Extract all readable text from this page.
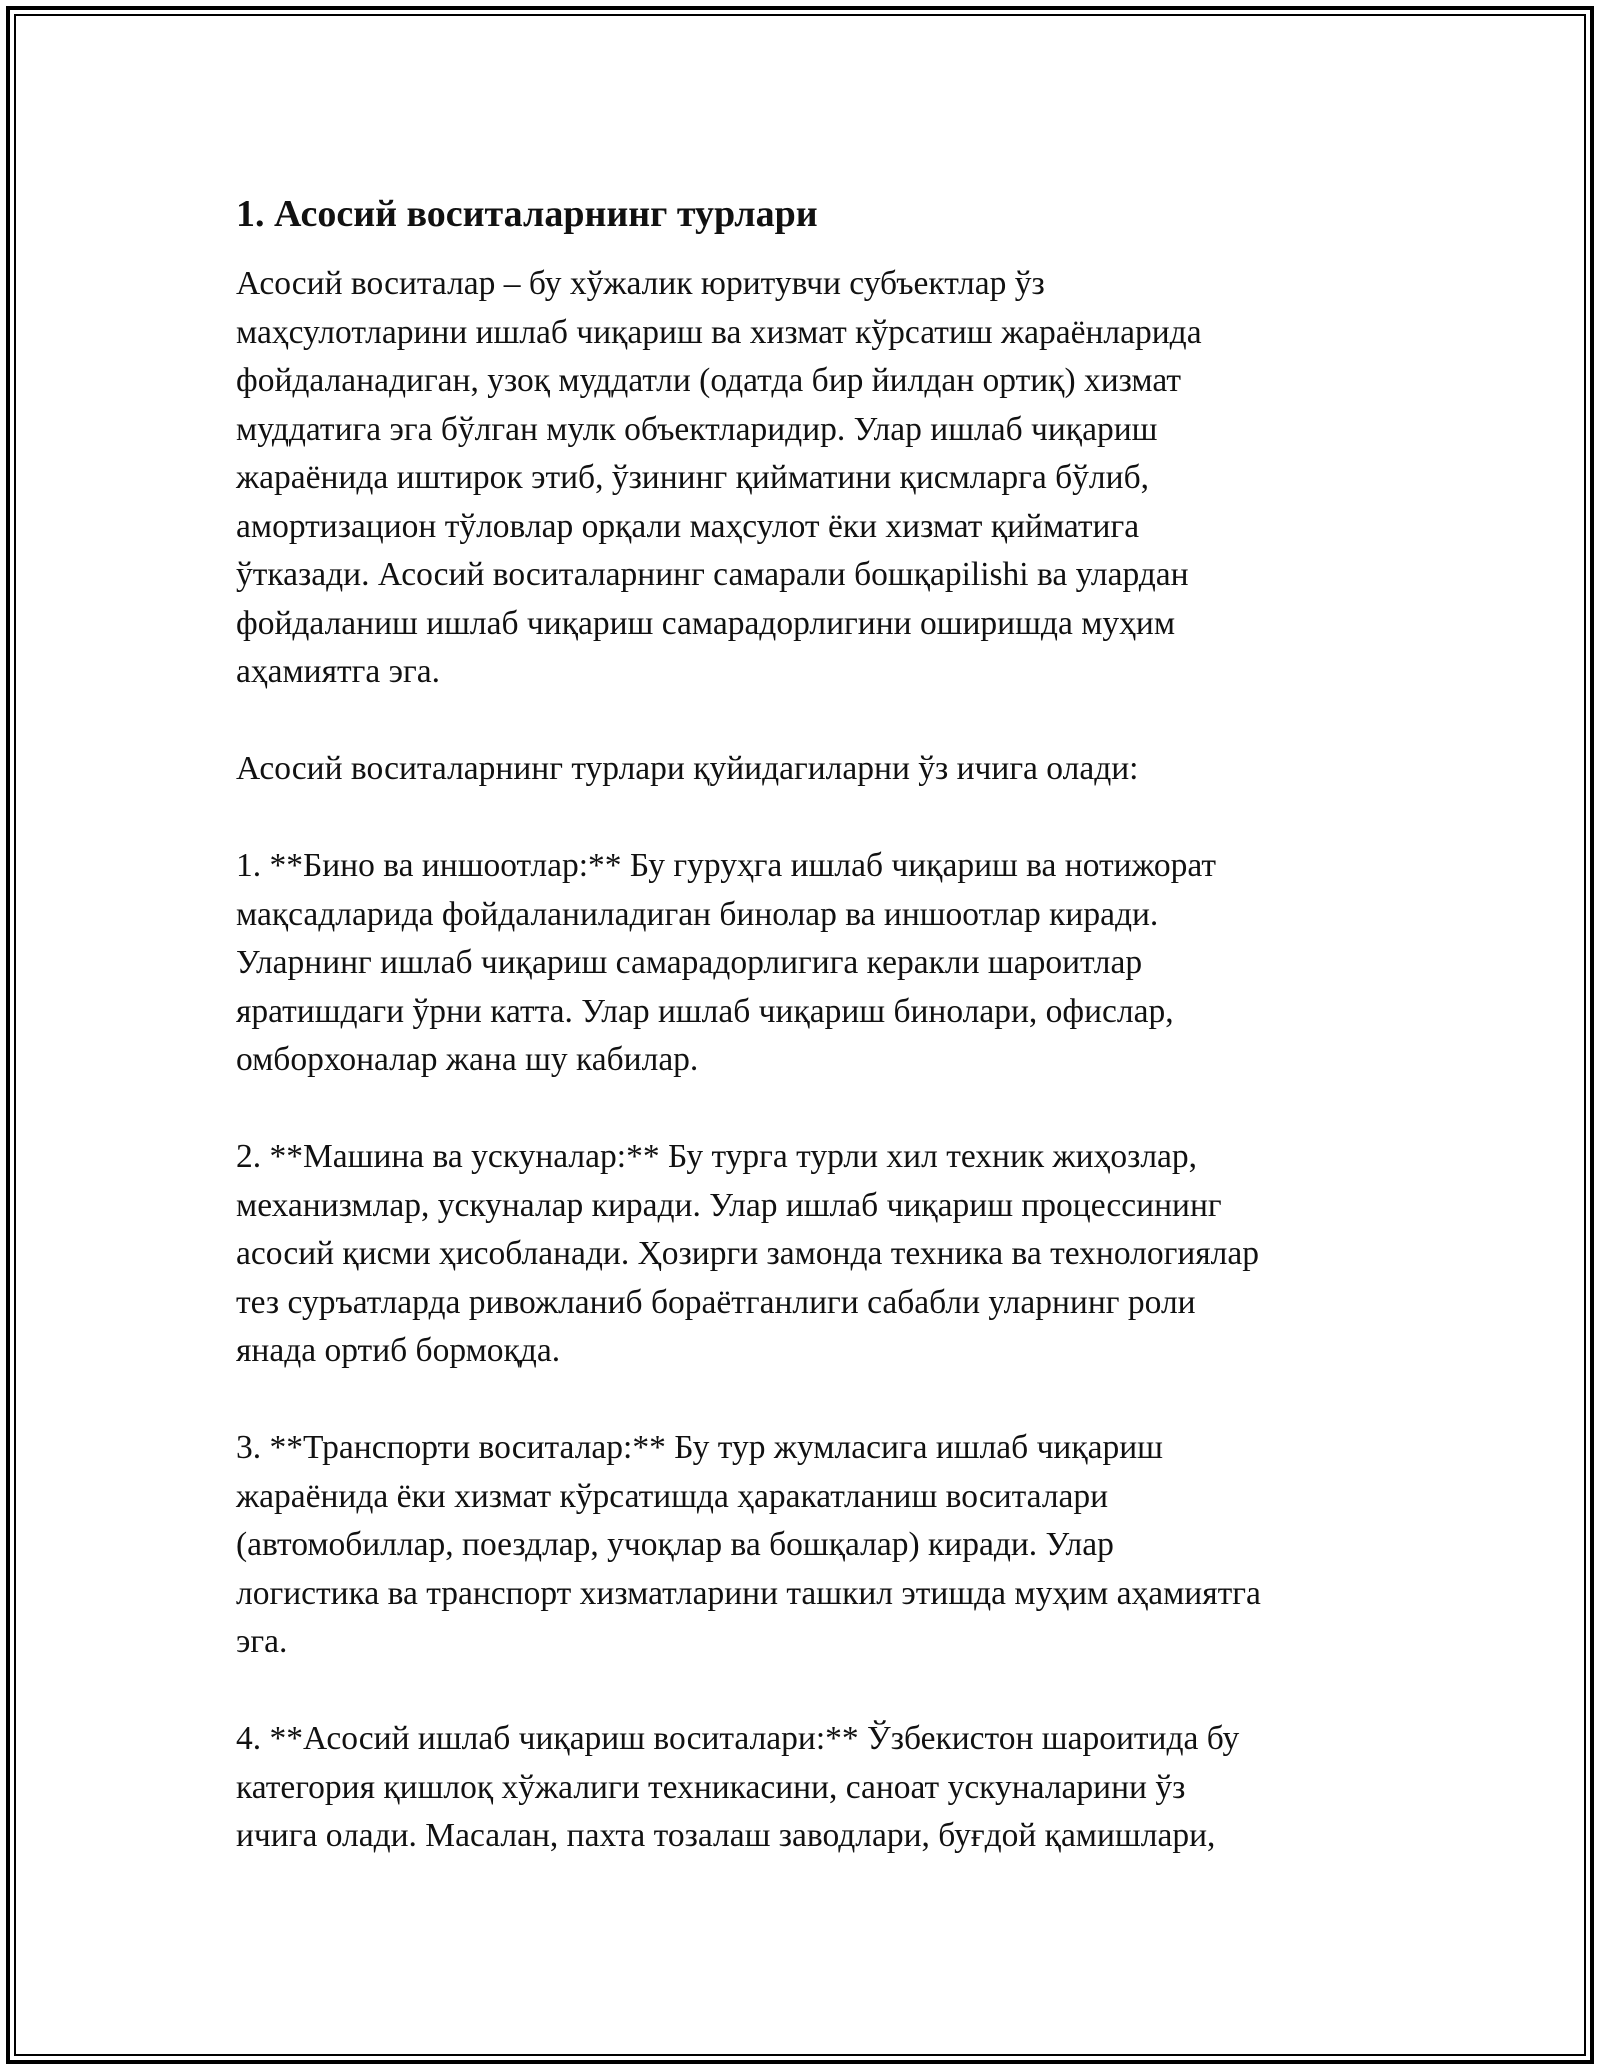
1. Асосий воситаларнинг турлари

Асосий воситалар – бу хўжалик юритувчи субъектлар ўз
маҳсулотларини ишлаб чиқариш ва хизмат кўрсатиш жараёнларида
фойдаланадиган, узоқ муддатли (одатда бир йилдан ортиқ) хизмат
муддатига эга бўлган мулк объектларидир. Улар ишлаб чиқариш
жараёнида иштирок этиб, ўзининг қийматини қисмларга бўлиб,
амортизацион тўловлар орқали маҳсулот ёки хизмат қийматига
ўтказади. Асосий воситаларнинг самарали бошқарilishi ва улардан
фойдаланиш ишлаб чиқариш самарадорлигини оширишда муҳим
аҳамиятга эга.

Асосий воситаларнинг турлари қуйидагиларни ўз ичига олади:

1. **Бино ва иншоотлар:** Бу гуруҳга ишлаб чиқариш ва нотижорат
мақсадларида фойдаланиладиган бинолар ва иншоотлар киради.
Уларнинг ишлаб чиқариш самарадорлигига керакли шароитлар
яратишдаги ўрни катта. Улар ишлаб чиқариш бинолари, офислар,
омборхоналар жана шу кабилар.

2. **Машина ва ускуналар:** Бу турга турли хил техник жиҳозлар,
механизмлар, ускуналар киради. Улар ишлаб чиқариш процессининг
асосий қисми ҳисобланади. Ҳозирги замонда техника ва технологиялар
тез суръатларда ривожланиб бораётганлиги сабабли уларнинг роли
янада ортиб бормоқда.

3. **Транспорти воситалар:** Бу тур жумласига ишлаб чиқариш
жараёнида ёки хизмат кўрсатишда ҳаракатланиш воситалари
(автомобиллар, поездлар, учоқлар ва бошқалар) киради. Улар
логистика ва транспорт хизматларини ташкил этишда муҳим аҳамиятга
эга.

4. **Асосий ишлаб чиқариш воситалари:** Ўзбекистон шароитида бу
категория қишлоқ хўжалиги техникасини, саноат ускуналарини ўз
ичига олади. Масалан, пахта тозалаш заводлари, буғдой қамишлари,
